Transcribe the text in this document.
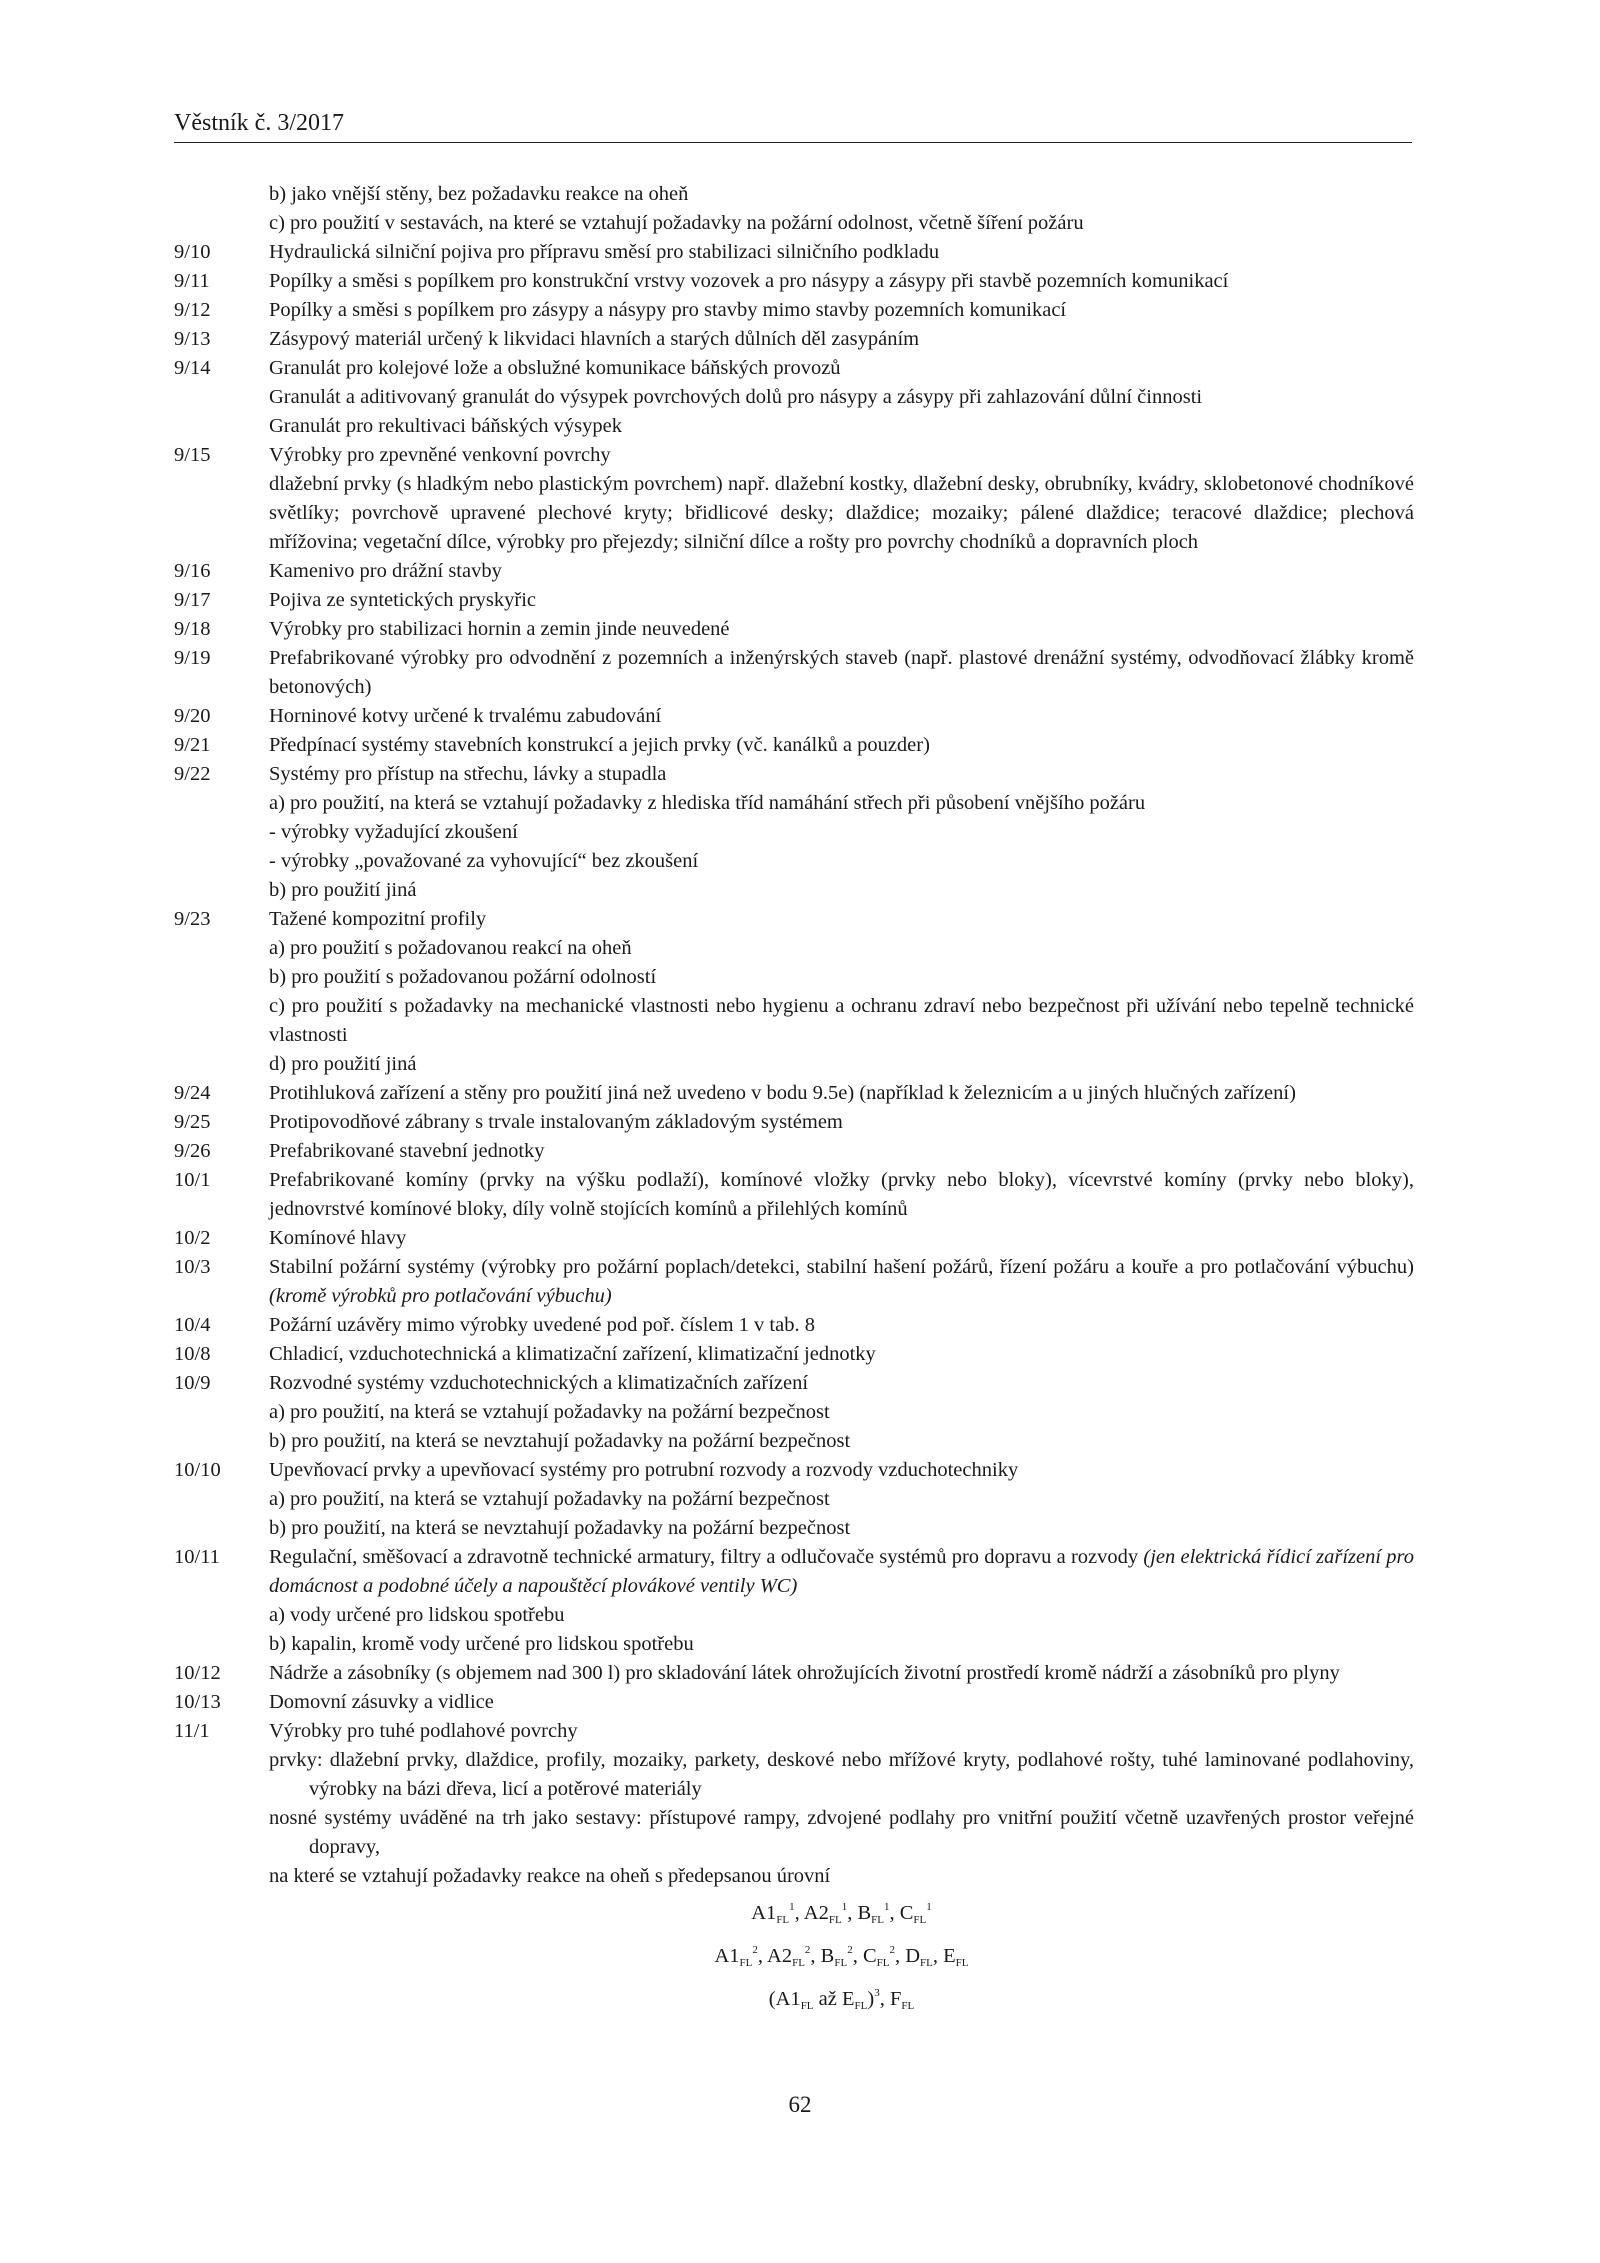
Věstník č. 3/2017
b) jako vnější stěny, bez požadavku reakce na oheň
c) pro použití v sestavách, na které se vztahují požadavky na požární odolnost, včetně šíření požáru
9/10	Hydraulická silniční pojiva pro přípravu směsí pro stabilizaci silničního podkladu
9/11	Popílky a směsi s popílkem pro konstrukční vrstvy vozovek a pro násypy a zásypy při stavbě pozemních komunikací
9/12	Popílky a směsi s popílkem pro zásypy a násypy pro stavby mimo stavby pozemních komunikací
9/13	Zásypový materiál určený k likvidaci hlavních a starých důlních děl zasypáním
9/14	Granulát pro kolejové lože a obslužné komunikace báňských provozů
Granulát a aditivovaný granulát do výsypek povrchových dolů pro násypy a zásypy při zahlazování důlní činnosti
Granulát pro rekultivaci báňských výsypek
9/15	Výrobky pro zpevněné venkovní povrchy
dlažební prvky (s hladkým nebo plastickým povrchem) např. dlažební kostky, dlažební desky, obrubníky, kvádry, sklobetonové chodníkové světlíky; povrchově upravené plechové kryty; břidlicové desky; dlaždice; mozaiky; pálené dlaždice; teracové dlaždice; plechová mřížovina; vegetační dílce, výrobky pro přejezdy; silniční dílce a rošty pro povrchy chodníků a dopravních ploch
9/16	Kamenivo pro drážní stavby
9/17	Pojiva ze syntetických pryskyřic
9/18	Výrobky pro stabilizaci hornin a zemin jinde neuvedené
9/19	Prefabrikované výrobky pro odvodnění z pozemních a inženýrských staveb (např. plastové drenážní systémy, odvodňovací žlábky kromě betonových)
9/20	Horninové kotvy určené k trvalému zabudování
9/21	Předpínací systémy stavebních konstrukcí a jejich prvky (vč. kanálků a pouzder)
9/22	Systémy pro přístup na střechu, lávky a stupadla
a) pro použití, na která se vztahují požadavky z hlediska tříd namáhání střech při působení vnějšího požáru
- výrobky vyžadující zkoušení
- výrobky „považované za vyhovující“ bez zkoušení
b) pro použití jiná
9/23	Tažené kompozitní profily
a) pro použití s požadovanou reakcí na oheň
b) pro použití s požadovanou požární odolností
c) pro použití s požadavky na mechanické vlastnosti nebo hygienu a ochranu zdraví nebo bezpečnost při užívání nebo tepelně technické vlastnosti
d) pro použití jiná
9/24	Protihluková zařízení a stěny pro použití jiná než uvedeno v bodu 9.5e) (například k železnicím a u jiných hlučných zařízení)
9/25	Protipovodňové zábrany s trvale instalovaným základovým systémem
9/26	Prefabrikované stavební jednotky
10/1	Prefabrikované komíny (prvky na výšku podlaží), komínové vložky (prvky nebo bloky), vícevrstvé komíny (prvky nebo bloky), jednovrstvé komínové bloky, díly volně stojících komínů a přilehlých komínů
10/2	Komínové hlavy
10/3	Stabilní požární systémy (výrobky pro požární poplach/detekci, stabilní hašení požárů, řízení požáru a kouře a pro potlačování výbuchu) (kromě výrobků pro potlačování výbuchu)
10/4	Požární uzávěry mimo výrobky uvedené pod poř. číslem 1 v tab. 8
10/8	Chladicí, vzduchotechnická a klimatizační zařízení, klimatizační jednotky
10/9	Rozvodné systémy vzduchotechnických a klimatizačních zařízení
a) pro použití, na která se vztahují požadavky na požární bezpečnost
b) pro použití, na která se nevztahují požadavky na požární bezpečnost
10/10	Upevňovací prvky a upevňovací systémy pro potrubní rozvody a rozvody vzduchotechniky
a) pro použití, na která se vztahují požadavky na požární bezpečnost
b) pro použití, na která se nevztahují požadavky na požární bezpečnost
10/11	Regulační, směšovací a zdravotně technické armatury, filtry a odlučovače systémů pro dopravu a rozvody (jen elektrická řídicí zařízení pro domácnost a podobné účely a napouštěcí plovákové ventily WC)
a) vody určené pro lidskou spotřebu
b) kapalin, kromě vody určené pro lidskou spotřebu
10/12	Nádrže a zásobníky (s objemem nad 300 l) pro skladování látek ohrožujících životní prostředí kromě nádrží a zásobníků pro plyny
10/13	Domovní zásuvky a vidlice
11/1	Výrobky pro tuhé podlahové povrchy
prvky: dlažební prvky, dlaždice, profily, mozaiky, parkety, deskové nebo mřížové kryty, podlahové rošty, tuhé laminované podlahoviny, výrobky na bázi dřeva, licí a potěrové materiály
nosné systémy uváděné na trh jako sestavy: přístupové rampy, zdvojené podlahy pro vnitřní použití včetně uzavřených prostor veřejné dopravy,
na které se vztahují požadavky reakce na oheň s předepsanou úrovní
$A1_{FL}^1$, $A2_{FL}^1$, $B_{FL}^1$, $C_{FL}^1$
$A1_{FL}^2$, $A2_{FL}^2$, $B_{FL}^2$, $C_{FL}^2$, $D_{FL}$, $E_{FL}$
($A1_{FL}$ až $E_{FL})^3$, $F_{FL}$
62
